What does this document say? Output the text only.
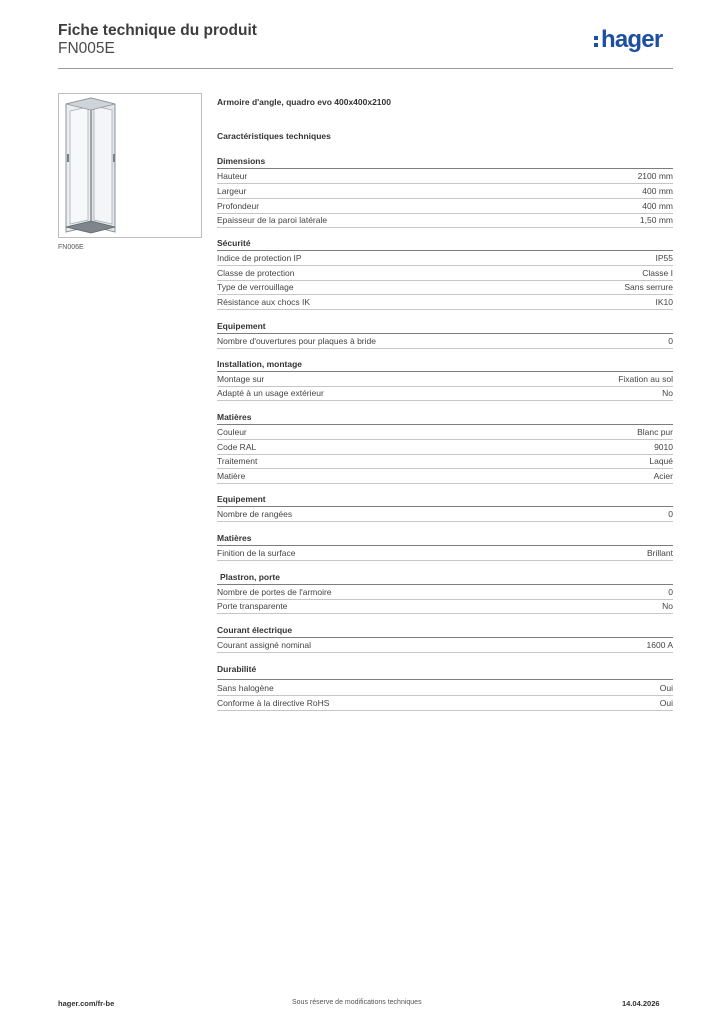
Fiche technique du produit
FN005E	hager
FN006E
Armoire d'angle, quadro evo 400x400x2100
Caractéristiques techniques
Dimensions
Hauteur	2100 mm
Largeur	400 mm
Profondeur	400 mm
Epaisseur de la paroi latérale	1,50 mm
Sécurité
Indice de protection IP	IP55
Classe de protection	Classe I
Type de verrouillage	Sans serrure
Résistance aux chocs IK	IK10
Equipement
Nombre d'ouvertures pour plaques à bride	0
Installation, montage
Montage sur	Fixation au sol
Adapté à un usage extérieur	No
Matières
Couleur	Blanc pur
Code RAL	9010
Traitement	Laqué
Matière	Acier
Equipement
Nombre de rangées	0
Matières
Finition de la surface	Brillant
Plastron, porte
Nombre de portes de l'armoire	0
Porte transparente	No
Courant électrique
Courant assigné nominal	1600 A
Durabilité
Sans halogène	Oui
Conforme à la directive RoHS	Oui
hager.com/fr-be	Sous réserve de modifications techniques	14.04.2026
